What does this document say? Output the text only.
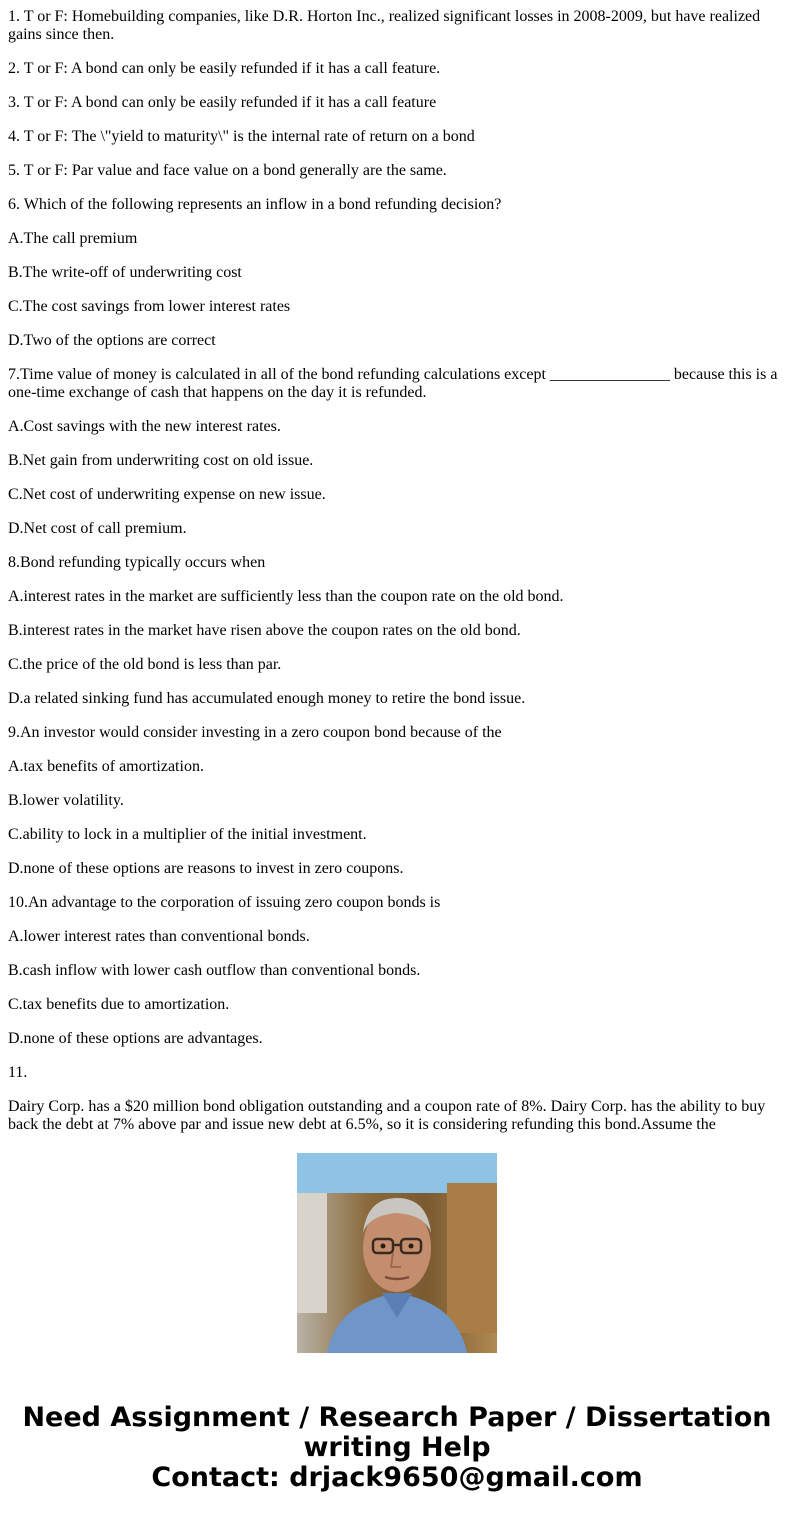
1. T or F: Homebuilding companies, like D.R. Horton Inc., realized significant losses in 2008-2009, but have realized gains since then.

2. T or F: A bond can only be easily refunded if it has a call feature.

3. T or F: A bond can only be easily refunded if it has a call feature

4. T or F: The \"yield to maturity\" is the internal rate of return on a bond

5. T or F: Par value and face value on a bond generally are the same.

6. Which of the following represents an inflow in a bond refunding decision?

A.The call premium

B.The write-off of underwriting cost

C.The cost savings from lower interest rates

D.Two of the options are correct

7.Time value of money is calculated in all of the bond refunding calculations except _______________ because this is a one-time exchange of cash that happens on the day it is refunded.

A.Cost savings with the new interest rates.

B.Net gain from underwriting cost on old issue.

C.Net cost of underwriting expense on new issue.

D.Net cost of call premium.

8.Bond refunding typically occurs when

A.interest rates in the market are sufficiently less than the coupon rate on the old bond.

B.interest rates in the market have risen above the coupon rates on the old bond.

C.the price of the old bond is less than par.

D.a related sinking fund has accumulated enough money to retire the bond issue.

9.An investor would consider investing in a zero coupon bond because of the

A.tax benefits of amortization.

B.lower volatility.

C.ability to lock in a multiplier of the initial investment.

D.none of these options are reasons to invest in zero coupons.

10.An advantage to the corporation of issuing zero coupon bonds is

A.lower interest rates than conventional bonds.

B.cash inflow with lower cash outflow than conventional bonds.

C.tax benefits due to amortization.

D.none of these options are advantages.

11.

Dairy Corp. has a $20 million bond obligation outstanding and a coupon rate of 8%. Dairy Corp. has the ability to buy back the debt at 7% above par and issue new debt at 6.5%, so it is considering refunding this bond.Assume the

Need Assignment / Research Paper / Dissertation
writing Help
Contact: drjack9650@gmail.com
